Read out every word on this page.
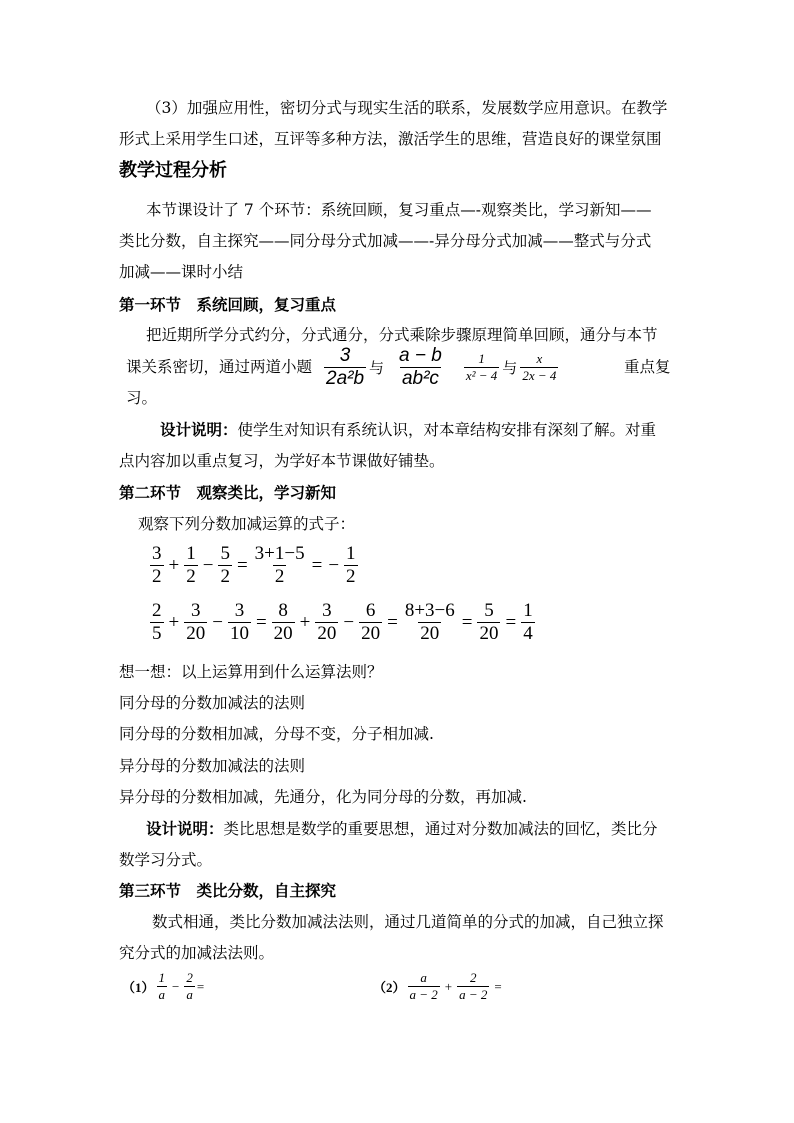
（3）加强应用性，密切分式与现实生活的联系，发展数学应用意识。在教学
形式上采用学生口述，互评等多种方法，激活学生的思维，营造良好的课堂氛围
教学过程分析
本节课设计了 7 个环节：系统回顾，复习重点—-观察类比，学习新知——
类比分数，自主探究——同分母分式加减——-异分母分式加减——整式与分式
加减——课时小结
第一环节　系统回顾，复习重点
把近期所学分式约分，分式通分，分式乘除步骤原理简单回顾，通分与本节
课关系密切，通过两道小题 $\frac{3}{\text{2a²b}}$ 与 $\frac{a - b}{\text{ab²c}} \frac{1}{\text{x² − 4}}$ 与 $\frac{x}{2x - 4}$	重点复
习。
设计说明：使学生对知识有系统认识，对本章结构安排有深刻了解。对重
点内容加以重点复习，为学好本节课做好铺垫。
第二环节　观察类比，学习新知
观察下列分数加减运算的式子：
$\frac{3}{2} + \frac{1}{2} - \frac{5}{2} = \frac{3+1-5}{2}$ = − $\frac{1}{2}$
$\frac{2}{5} + \frac{3}{20} - \frac{3}{10} = \frac{8}{20} + \frac{3}{20} - \frac{6}{20} = \frac{8+3-6}{20} = \frac{5}{20} = \frac{1}{4}$
想一想：以上运算用到什么运算法则？
同分母的分数加减法的法则
同分母的分数相加减，分母不变，分子相加减.
异分母的分数加减法的法则
异分母的分数相加减，先通分，化为同分母的分数，再加减.
设计说明：类比思想是数学的重要思想，通过对分数加减法的回忆，类比分
数学习分式。
第三环节　类比分数，自主探究
数式相通，类比分数加减法法则，通过几道简单的分式的加减，自己独立探
究分式的加减法法则。
$(1) \frac{1}{a} - \frac{2}{a}$ =	$(2) \frac{a}{a - 2} + \frac{2}{a - 2}$ =
